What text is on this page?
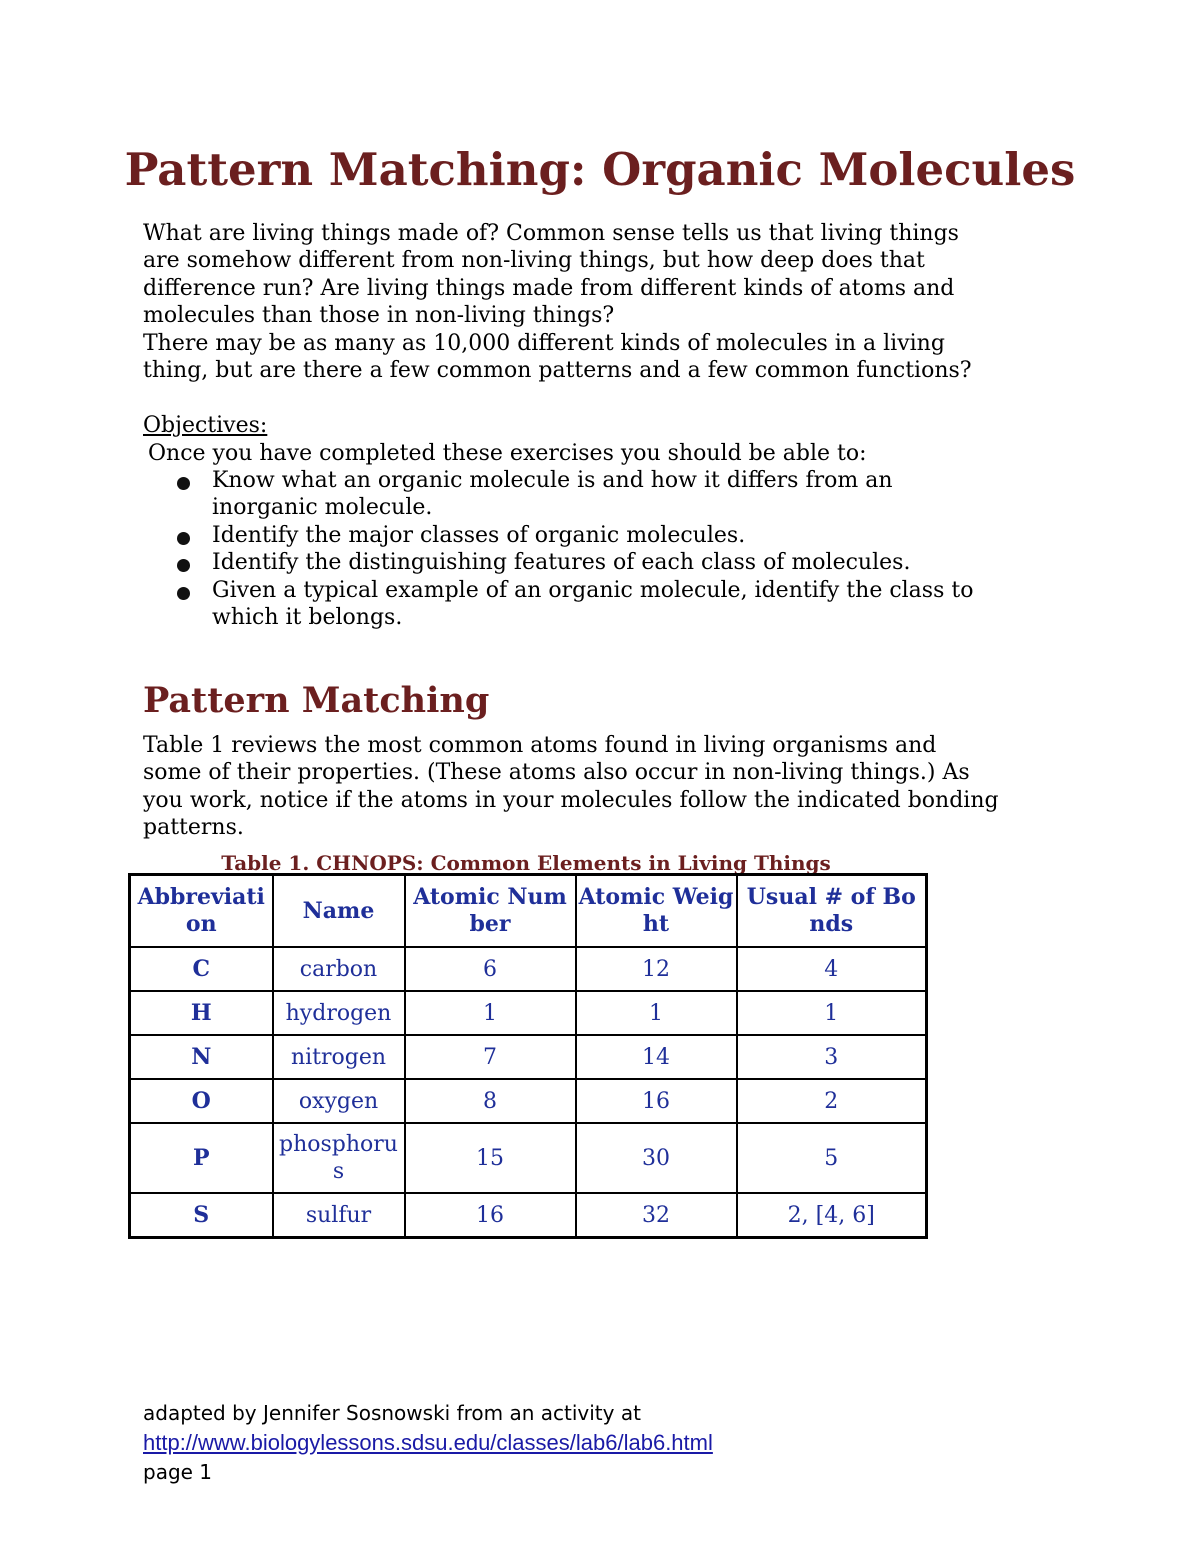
Pattern Matching: Organic Molecules
What are living things made of? Common sense tells us that living things
are somehow different from non-living things, but how deep does that
difference run? Are living things made from different kinds of atoms and
molecules than those in non-living things?
There may be as many as 10,000 different kinds of molecules in a living
thing, but are there a few common patterns and a few common functions?
Objectives:
Once you have completed these exercises you should be able to:
Know what an organic molecule is and how it differs from an
inorganic molecule.
Identify the major classes of organic molecules.
Identify the distinguishing features of each class of molecules.
Given a typical example of an organic molecule, identify the class to
which it belongs.
Pattern Matching
Table 1 reviews the most common atoms found in living organisms and
some of their properties. (These atoms also occur in non-living things.) As
you work, notice if the atoms in your molecules follow the indicated bonding
patterns.
Table 1. CHNOPS: Common Elements in Living Things
Abbreviation	Name	Atomic Number	Atomic Weight	Usual # of Bonds
C	carbon	6	12	4
H	hydrogen	1	1	1
N	nitrogen	7	14	3
O	oxygen	8	16	2
P	phosphorus	15	30	5
S	sulfur	16	32	2, [4, 6]
adapted by Jennifer Sosnowski from an activity at
http://www.biologylessons.sdsu.edu/classes/lab6/lab6.html
page 1
